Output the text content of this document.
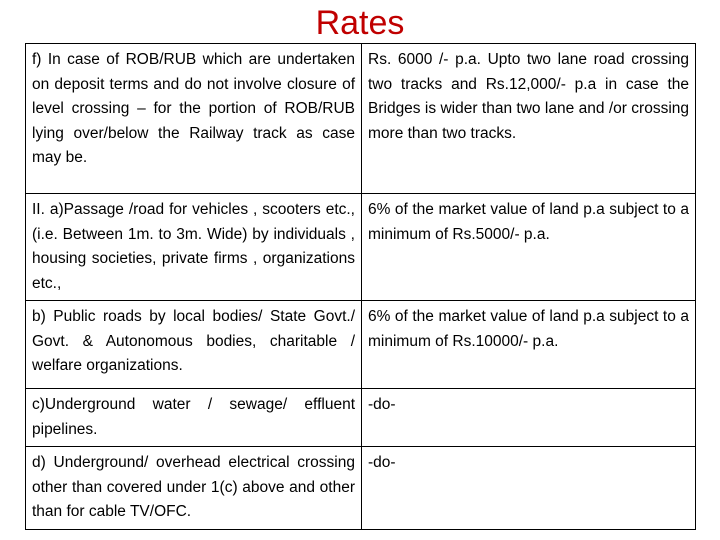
Rates
f) In case of ROB/RUB which are undertaken on deposit terms and do not involve closure of level crossing – for the portion of ROB/RUB lying over/below the Railway track as case may be.	Rs. 6000 /- p.a. Upto two lane road crossing two tracks and Rs.12,000/- p.a in case the Bridges is wider than two lane and /or crossing more than two tracks.
II. a)Passage /road for vehicles , scooters etc., (i.e. Between 1m. to 3m. Wide) by individuals , housing societies, private firms , organizations etc.,	6% of the market value of land p.a subject to a minimum of Rs.5000/- p.a.
b) Public roads by local bodies/ State Govt./ Govt. & Autonomous bodies, charitable / welfare organizations.	6% of the market value of land p.a subject to a minimum of Rs.10000/- p.a.
c)Underground water / sewage/ effluent pipelines.	-do-
d) Underground/ overhead electrical crossing other than covered under 1(c) above and other than for cable TV/OFC.	-do-
